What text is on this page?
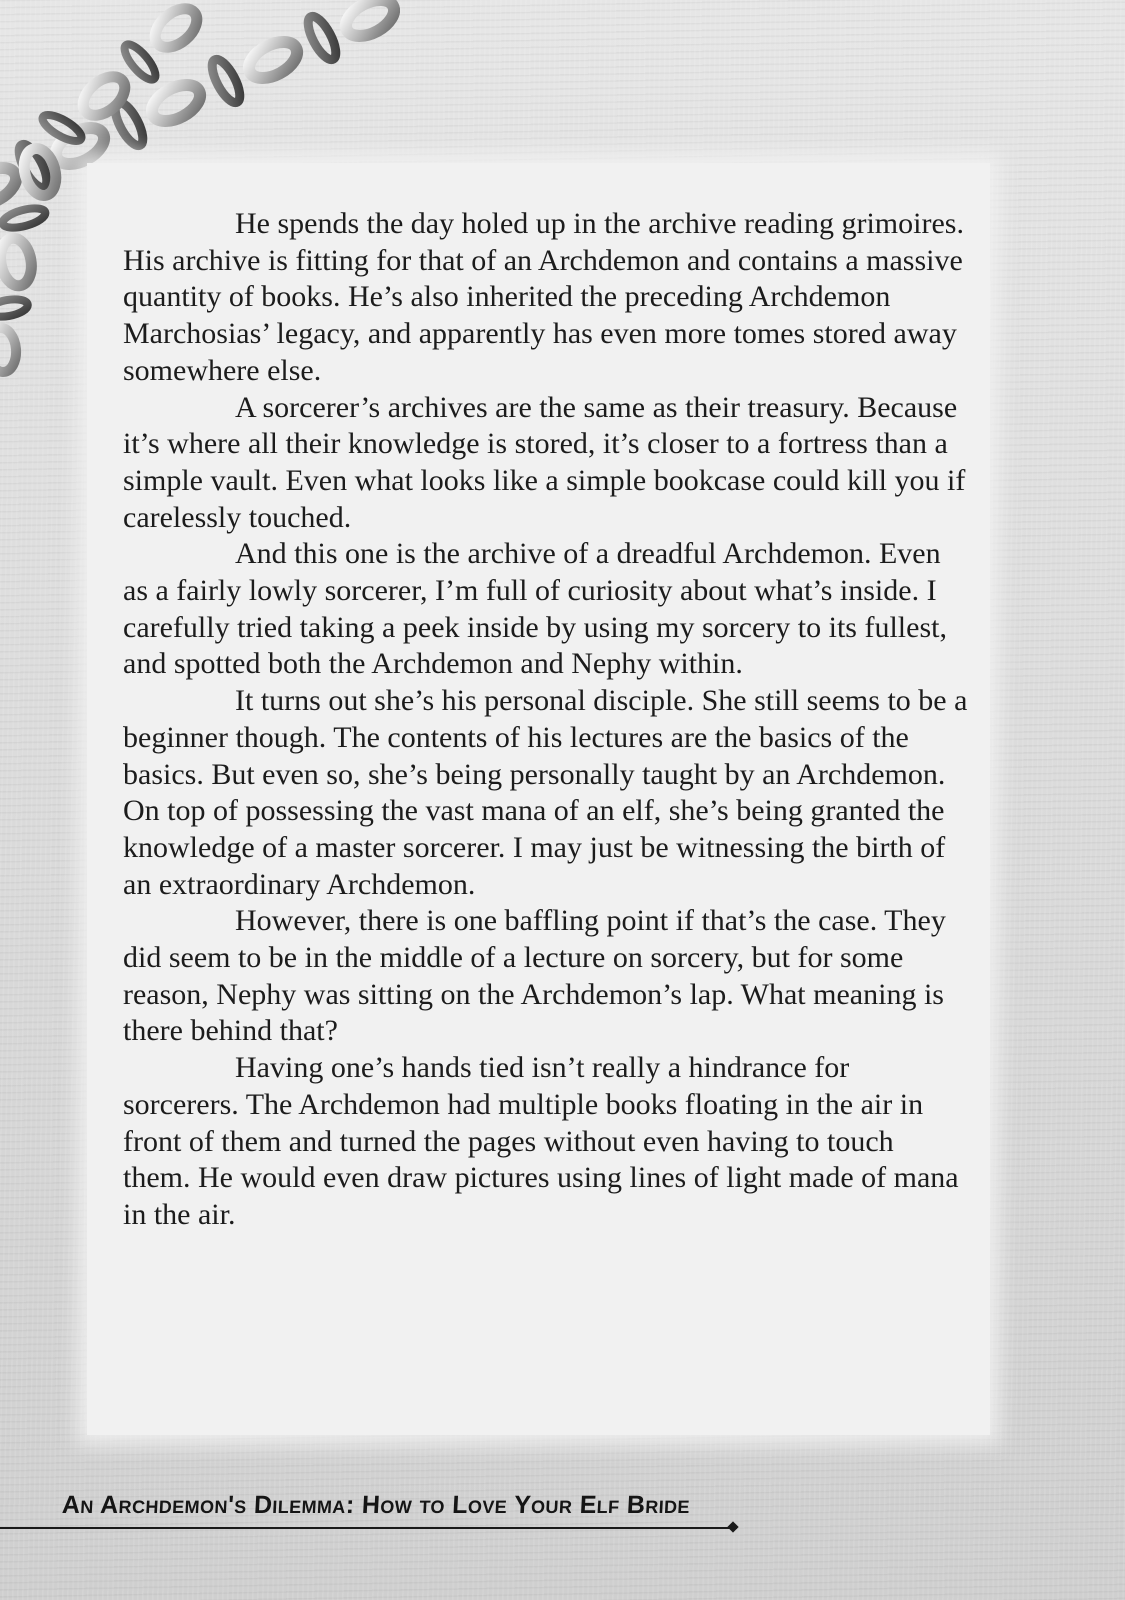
He spends the day holed up in the archive reading grimoires. His archive is fitting for that of an Archdemon and contains a massive quantity of books. He’s also inherited the preceding Archdemon Marchosias’ legacy, and apparently has even more tomes stored away somewhere else.

A sorcerer’s archives are the same as their treasury. Because it’s where all their knowledge is stored, it’s closer to a fortress than a simple vault. Even what looks like a simple bookcase could kill you if carelessly touched.

And this one is the archive of a dreadful Archdemon. Even as a fairly lowly sorcerer, I’m full of curiosity about what’s inside. I carefully tried taking a peek inside by using my sorcery to its fullest, and spotted both the Archdemon and Nephy within.

It turns out she’s his personal disciple. She still seems to be a beginner though. The contents of his lectures are the basics of the basics. But even so, she’s being personally taught by an Archdemon. On top of possessing the vast mana of an elf, she’s being granted the knowledge of a master sorcerer. I may just be witnessing the birth of an extraordinary Archdemon.

However, there is one baffling point if that’s the case. They did seem to be in the middle of a lecture on sorcery, but for some reason, Nephy was sitting on the Archdemon’s lap. What meaning is there behind that?

Having one’s hands tied isn’t really a hindrance for sorcerers. The Archdemon had multiple books floating in the air in front of them and turned the pages without even having to touch them. He would even draw pictures using lines of light made of mana in the air.

An Archdemon's Dilemma: How to Love Your Elf Bride
